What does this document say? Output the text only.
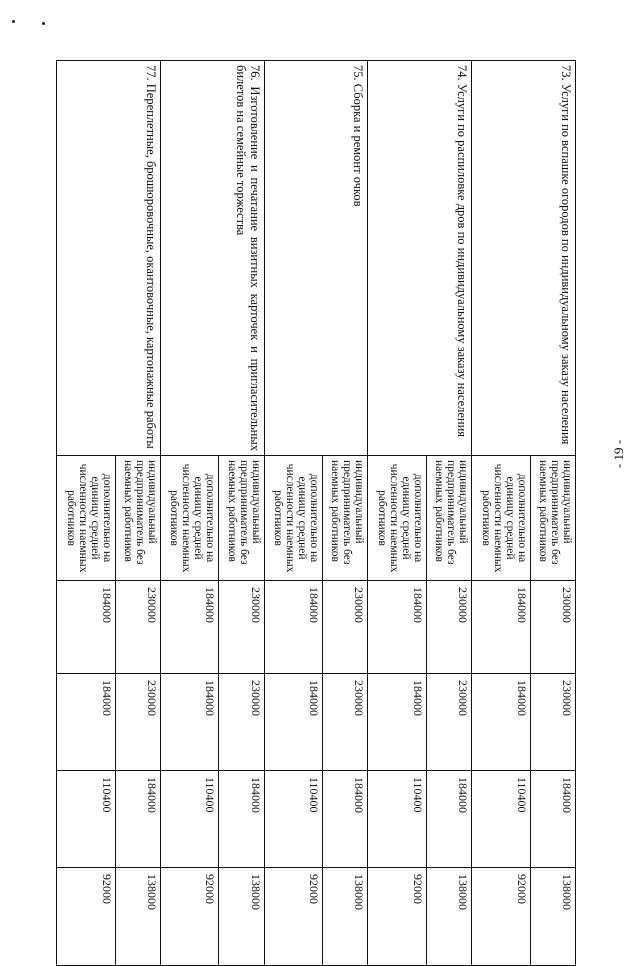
- 19 -
73. Услуги по вспашке огородов по индивидуальному заказу населения	индивидуальный предприниматель без наемных работников	230000	230000	184000	138000
	дополнительно на единицу средней численности наемных работников	184000	184000	110400	92000

74. Услуги по распиловке дров по индивидуальному заказу населения	индивидуальный предприниматель без наемных работников	230000	230000	184000	138000
	дополнительно на единицу средней численности наемных работников	184000	184000	110400	92000

75. Сборка и ремонт очков	индивидуальный предприниматель без наемных работников	230000	230000	184000	138000
	дополнительно на единицу средней численности наемных работников	184000	184000	110400	92000

76. Изготовление и печатание визитных карточек и пригласительных билетов на семейные торжества	индивидуальный предприниматель без наемных работников	230000	230000	184000	138000
	дополнительно на единицу средней численности наемных работников	184000	184000	110400	92000

77. Переплетные, брошюровочные, окантовочные, картонажные работы	индивидуальный предприниматель без наемных работников	230000	230000	184000	138000
	дополнительно на единицу средней численности наемных работников	184000	184000	110400	92000
